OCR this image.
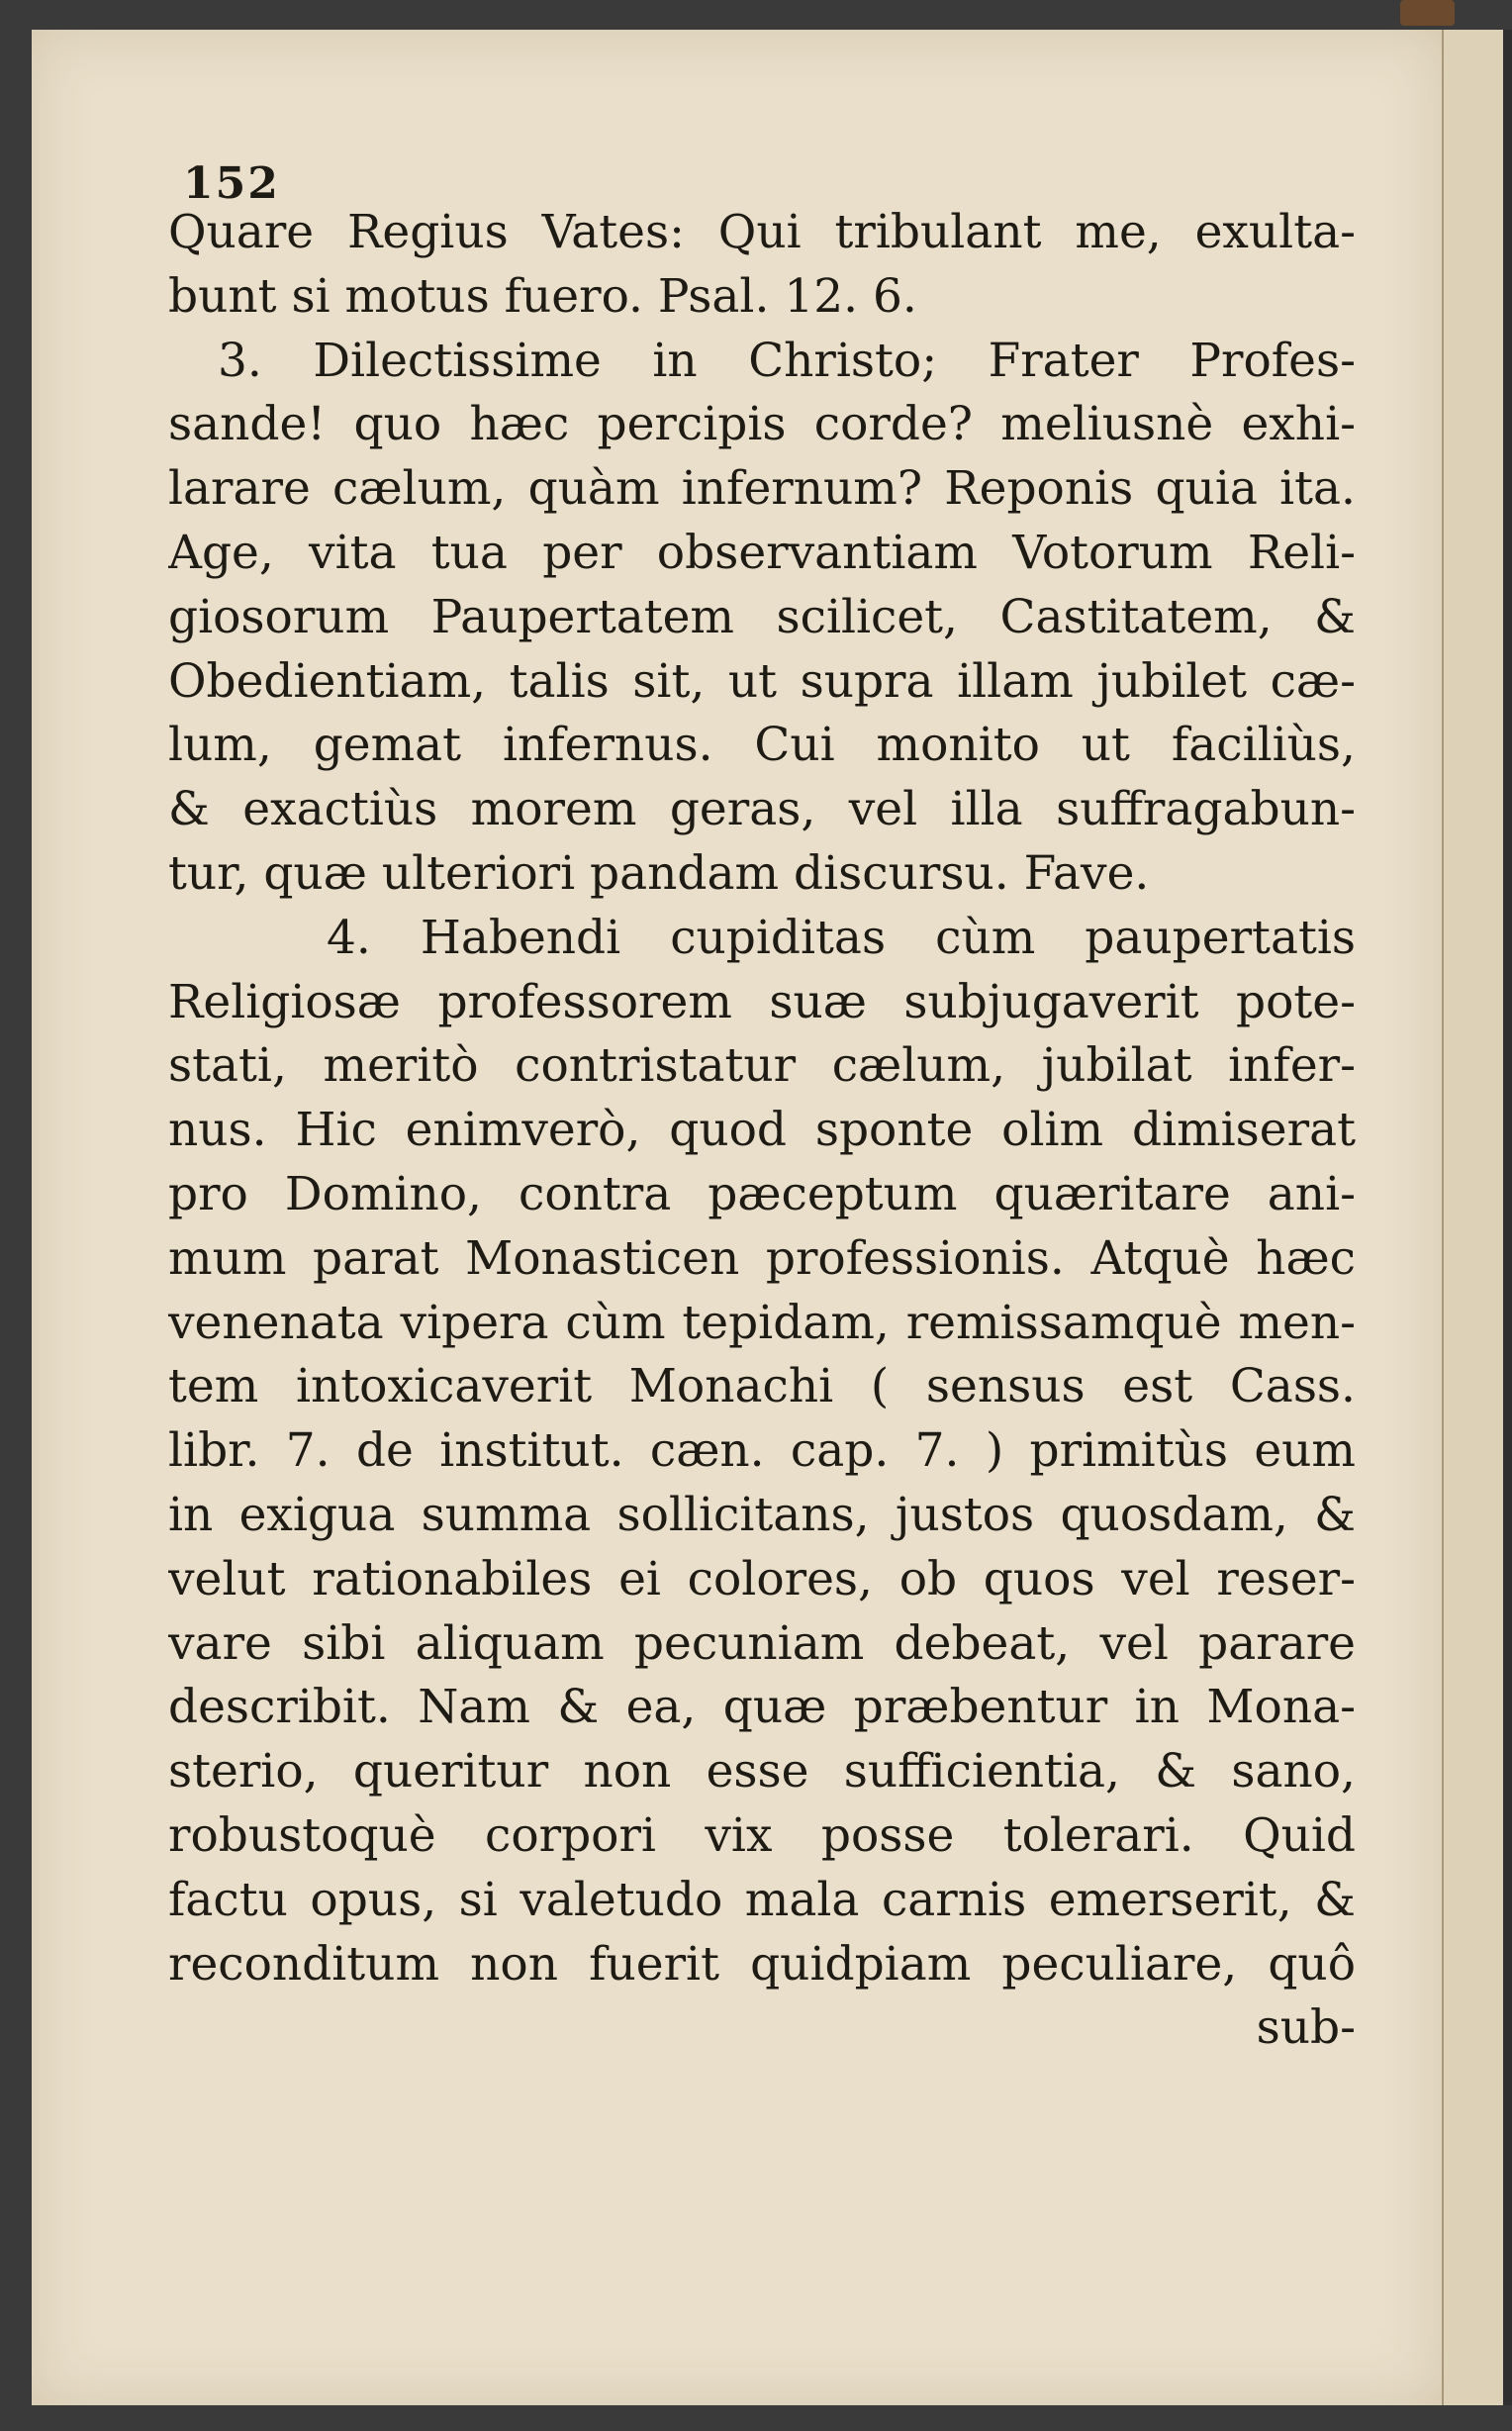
152
Quare Regius Vates: Qui tribulant me, exulta-
bunt si motus fuero. Psal. 12. 6.
3. Dilectissime in Christo; Frater Profes-
sande! quo hæc percipis corde? meliusnè exhi-
larare cælum, quàm infernum? Reponis quia ita.
Age, vita tua per observantiam Votorum Reli-
giosorum Paupertatem scilicet, Castitatem, &
Obedientiam, talis sit, ut supra illam jubilet cæ-
lum, gemat infernus. Cui monito ut faciliùs,
& exactiùs morem geras, vel illa suffragabun-
tur, quæ ulteriori pandam discursu. Fave.
4. Habendi cupiditas cùm paupertatis
Religiosæ professorem suæ subjugaverit pote-
stati, meritò contristatur cælum, jubilat infer-
nus. Hic enimverò, quod sponte olim dimiserat
pro Domino, contra pæceptum quæritare ani-
mum parat Monasticen professionis. Atquè hæc
venenata vipera cùm tepidam, remissamquè men-
tem intoxicaverit Monachi ( sensus est Cass.
libr. 7. de institut. cæn. cap. 7. ) primitùs eum
in exigua summa sollicitans, justos quosdam, &
velut rationabiles ei colores, ob quos vel reser-
vare sibi aliquam pecuniam debeat, vel parare
describit. Nam & ea, quæ præbentur in Mona-
sterio, queritur non esse sufficientia, & sano,
robustoquè corpori vix posse tolerari. Quid
factu opus, si valetudo mala carnis emerserit, &
reconditum non fuerit quidpiam peculiare, quô
sub-
